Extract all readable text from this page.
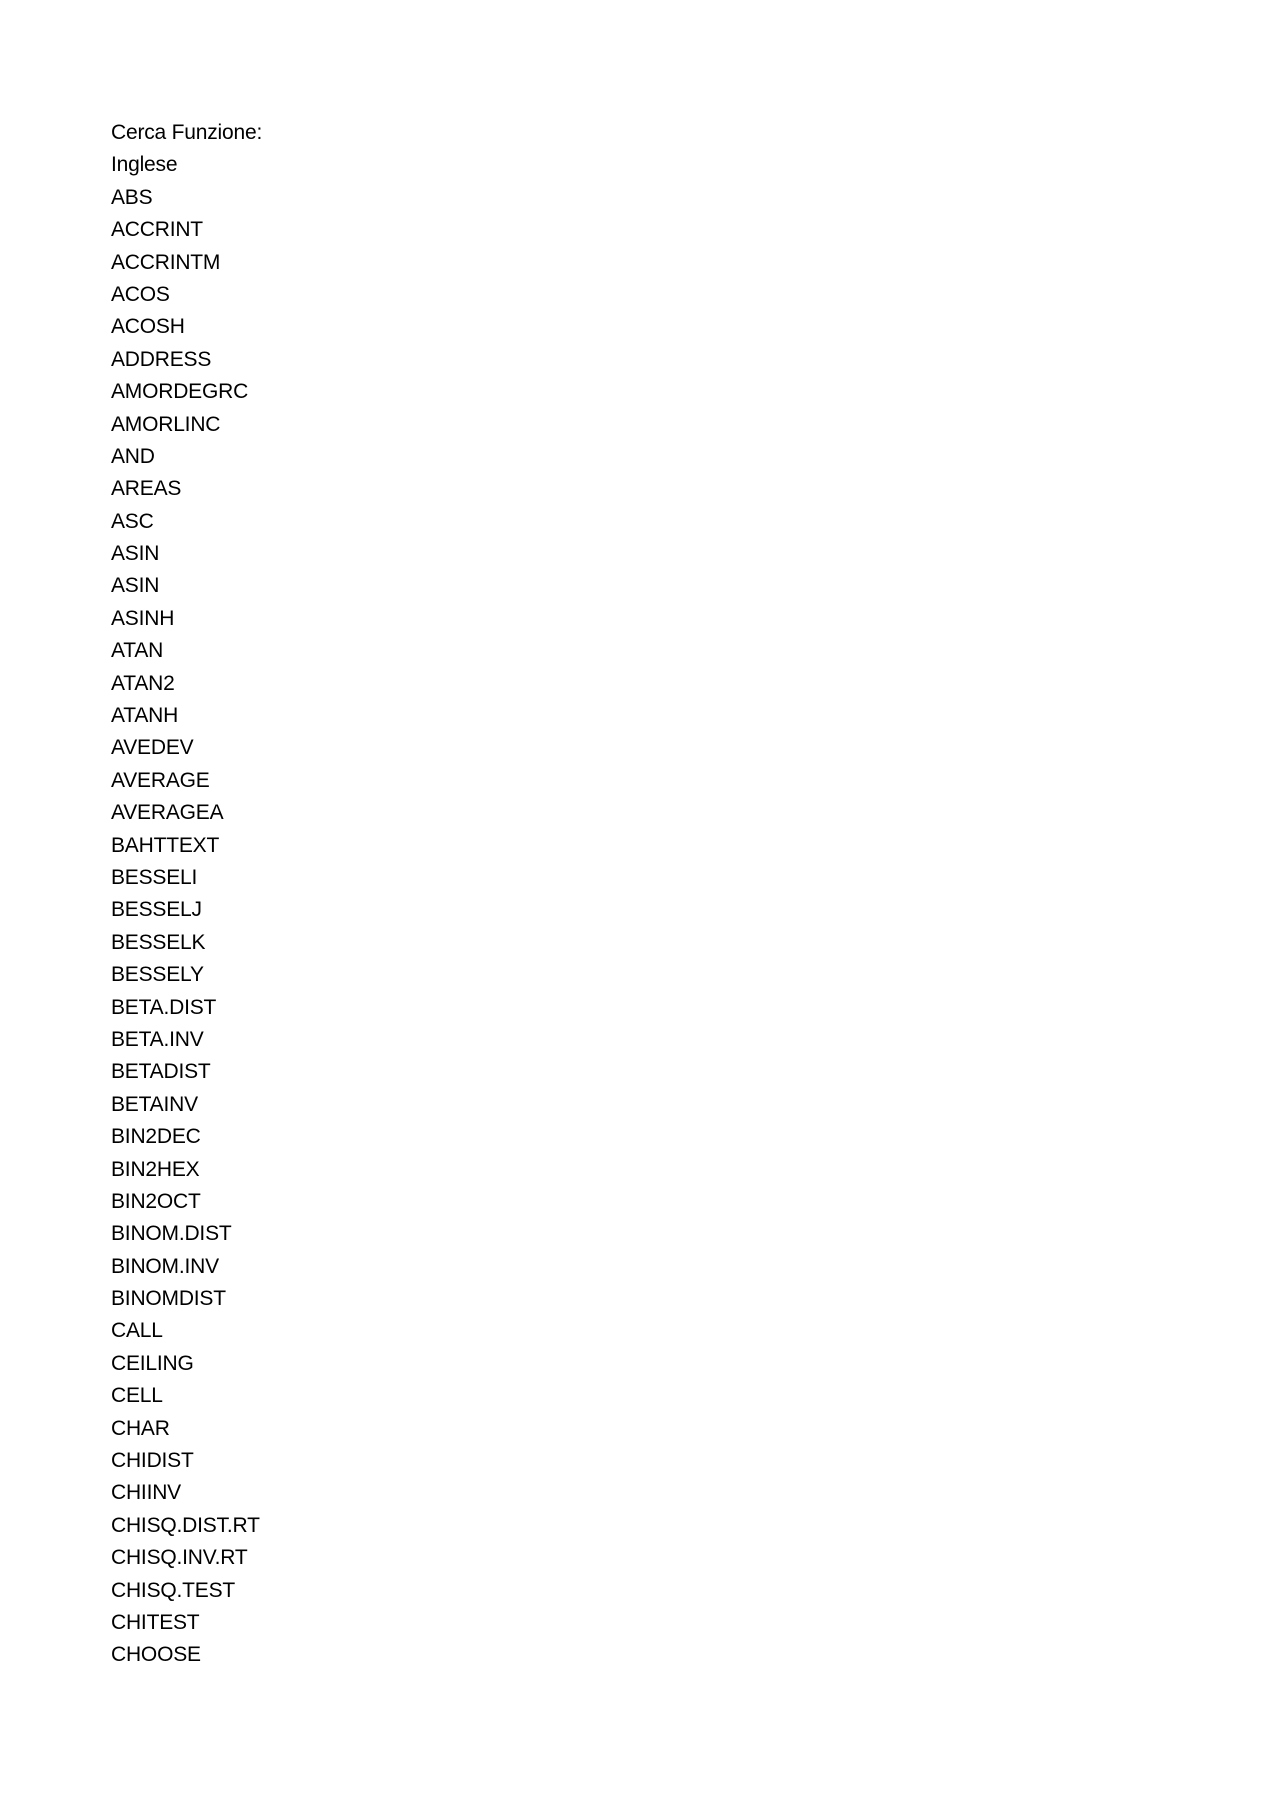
Cerca Funzione:
Inglese
ABS
ACCRINT
ACCRINTM
ACOS
ACOSH
ADDRESS
AMORDEGRC
AMORLINC
AND
AREAS
ASC
ASIN
ASIN
ASINH
ATAN
ATAN2
ATANH
AVEDEV
AVERAGE
AVERAGEA
BAHTTEXT
BESSELI
BESSELJ
BESSELK
BESSELY
BETA.DIST
BETA.INV
BETADIST
BETAINV
BIN2DEC
BIN2HEX
BIN2OCT
BINOM.DIST
BINOM.INV
BINOMDIST
CALL
CEILING
CELL
CHAR
CHIDIST
CHIINV
CHISQ.DIST.RT
CHISQ.INV.RT
CHISQ.TEST
CHITEST
CHOOSE
